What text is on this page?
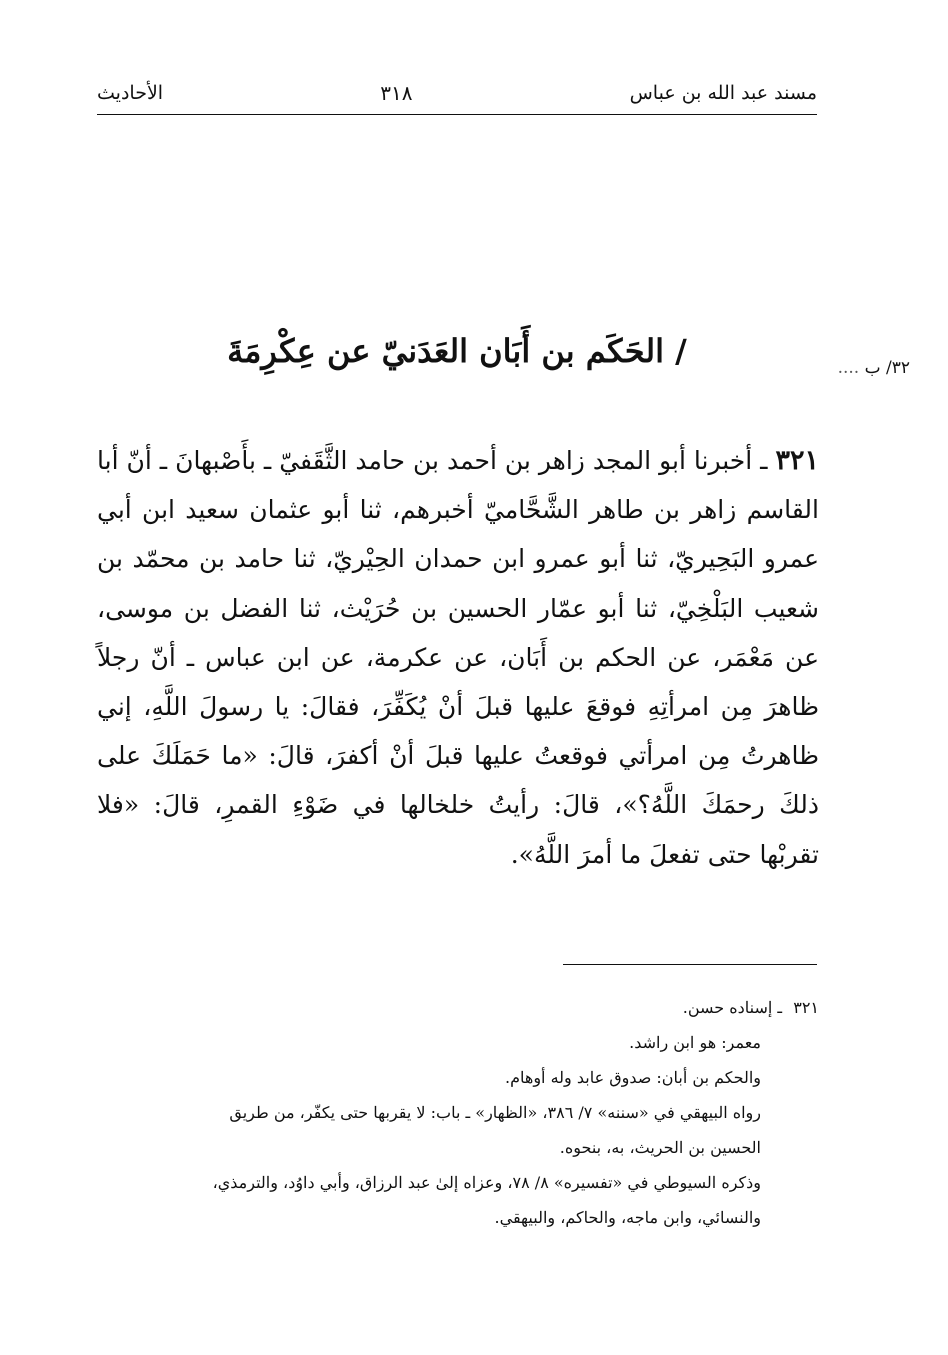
مسند عبد الله بن عباس
٣١٨
الأحاديث
٣٢/ ب ....
/ الحَكَم بن أَبَان العَدَنيّ عن عِكْرِمَةَ
٣٢١ ـ أخبرنا أبو المجد زاهر بن أحمد بن حامد الثَّقَفيّ ـ بأَصْبهانَ ـ أنّ أبا القاسم زاهر بن طاهر الشَّحَّاميّ أخبرهم، ثنا أبو عثمان سعيد ابن أبي عمرو البَحِيريّ، ثنا أبو عمرو ابن حمدان الحِيْريّ، ثنا حامد بن محمّد بن شعيب البَلْخِيّ، ثنا أبو عمّار الحسين بن حُرَيْث، ثنا الفضل بن موسى، عن مَعْمَر، عن الحكم بن أَبَان، عن عكرمة، عن ابن عباس ـ أنّ رجلاً ظاهرَ مِن امرأتِهِ فوقعَ عليها قبلَ أنْ يُكَفِّرَ، فقالَ: يا رسولَ اللَّهِ، إني ظاهرتُ مِن امرأتي فوقعتُ عليها قبلَ أنْ أكفرَ، قالَ: «ما حَمَلَكَ على ذلكَ رحمَكَ اللَّهُ؟»، قالَ: رأيتُ خلخالها في ضَوْءِ القمرِ، قالَ: «فلا تقربْها حتى تفعلَ ما أمرَ اللَّهُ».
٣٢١ ـ إسناده حسن.
معمر: هو ابن راشد.
والحكم بن أبان: صدوق عابد وله أوهام.
رواه البيهقي في «سننه» ٧/ ٣٨٦، «الظهار» ـ باب: لا يقربها حتى يكفّر، من طريق
الحسين بن الحريث، به، بنحوه.
وذكره السيوطي في «تفسيره» ٨/ ٧٨، وعزاه إلىٰ عبد الرزاق، وأبي داوُد، والترمذي،
والنسائي، وابن ماجه، والحاكم، والبيهقي.
